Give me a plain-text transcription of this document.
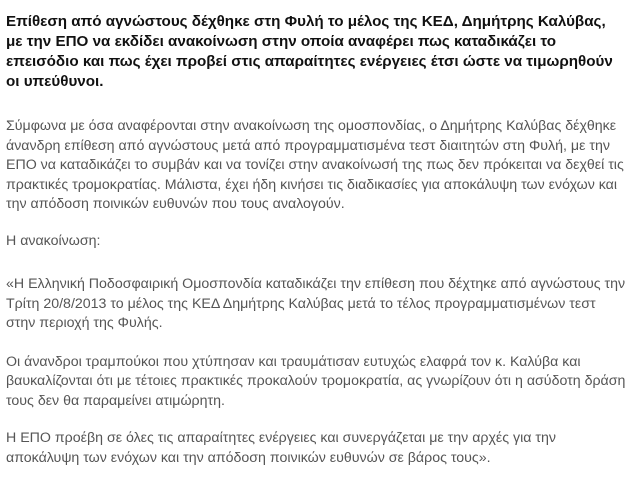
Επίθεση από αγνώστους δέχθηκε στη Φυλή το μέλος της ΚΕΔ, Δημήτρης Καλύβας, με την ΕΠΟ να εκδίδει ανακοίνωση στην οποία αναφέρει πως καταδικάζει το επεισόδιο και πως έχει προβεί στις απαραίτητες ενέργειες έτσι ώστε να τιμωρηθούν οι υπεύθυνοι.

Σύμφωνα με όσα αναφέρονται στην ανακοίνωση της ομοσπονδίας, ο Δημήτρης Καλύβας δέχθηκε άνανδρη επίθεση από αγνώστους μετά από προγραμματισμένα τεστ διαιτητών στη Φυλή, με την ΕΠΟ να καταδικάζει το συμβάν και να τονίζει στην ανακοίνωσή της πως δεν πρόκειται να δεχθεί τις πρακτικές τρομοκρατίας. Μάλιστα, έχει ήδη κινήσει τις διαδικασίες για αποκάλυψη των ενόχων και την απόδοση ποινικών ευθυνών που τους αναλογούν.

Η ανακοίνωση:

«Η Ελληνική Ποδοσφαιρική Ομοσπονδία καταδικάζει την επίθεση που δέχτηκε από αγνώστους την Τρίτη 20/8/2013 το μέλος της ΚΕΔ Δημήτρης Καλύβας μετά το τέλος προγραμματισμένων τεστ στην περιοχή της Φυλής.

Οι άνανδροι τραμπούκοι που χτύπησαν και τραυμάτισαν ευτυχώς ελαφρά τον κ. Καλύβα και βαυκαλίζονται ότι με τέτοιες πρακτικές προκαλούν τρομοκρατία, ας γνωρίζουν ότι η ασύδοτη δράση τους δεν θα παραμείνει ατιμώρητη.

Η ΕΠΟ προέβη σε όλες τις απαραίτητες ενέργειες και συνεργάζεται με την αρχές για την αποκάλυψη των ενόχων και την απόδοση ποινικών ευθυνών σε βάρος τους».
